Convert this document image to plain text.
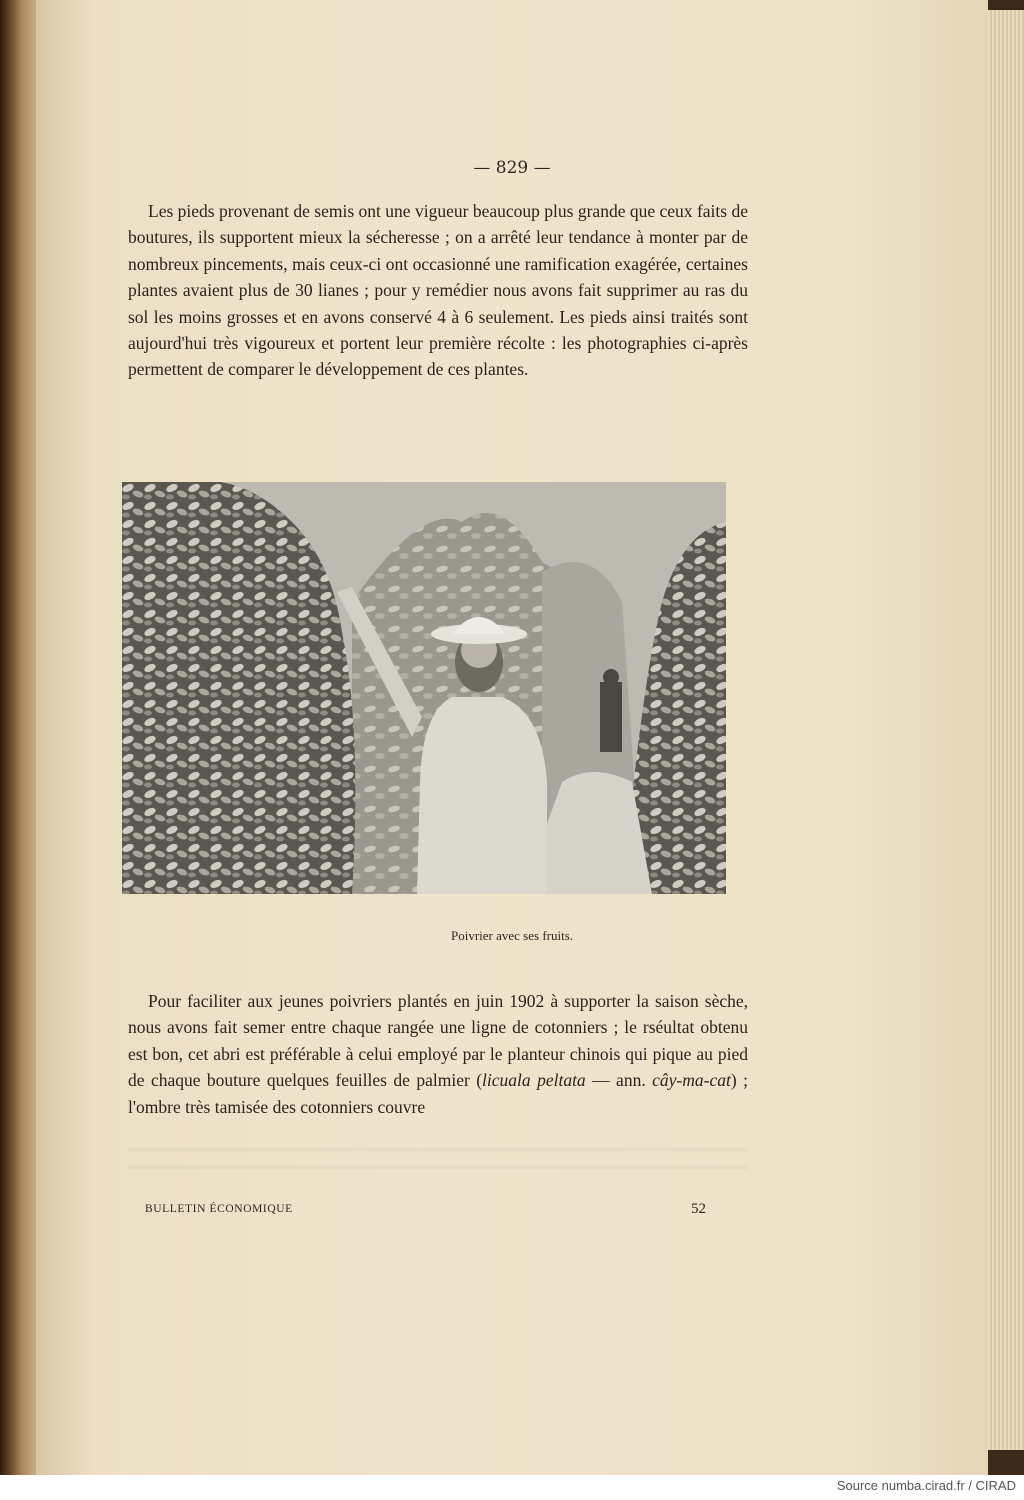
— 829 —

Les pieds provenant de semis ont une vigueur beaucoup plus grande que ceux faits de boutures, ils supportent mieux la sécheresse ; on a arrêté leur tendance à monter par de nombreux pincements, mais ceux-ci ont occasionné une ramification exagérée, certaines plantes avaient plus de 30 lianes ; pour y remédier nous avons fait supprimer au ras du sol les moins grosses et en avons conservé 4 à 6 seulement. Les pieds ainsi traités sont aujourd'hui très vigoureux et portent leur première récolte : les photographies ci-après permettent de comparer le développement de ces plantes.

Poivrier avec ses fruits.

Pour faciliter aux jeunes poivriers plantés en juin 1902 à supporter la saison sèche, nous avons fait semer entre chaque rangée une ligne de cotonniers ; le rséultat obtenu est bon, cet abri est préférable à celui employé par le planteur chinois qui pique au pied de chaque bouture quelques feuilles de palmier (licuala peltata — ann. cây-ma-cat) ; l'ombre très tamisée des cotonniers couvre

BULLETIN ÉCONOMIQUE	52
Source numba.cirad.fr / CIRAD
